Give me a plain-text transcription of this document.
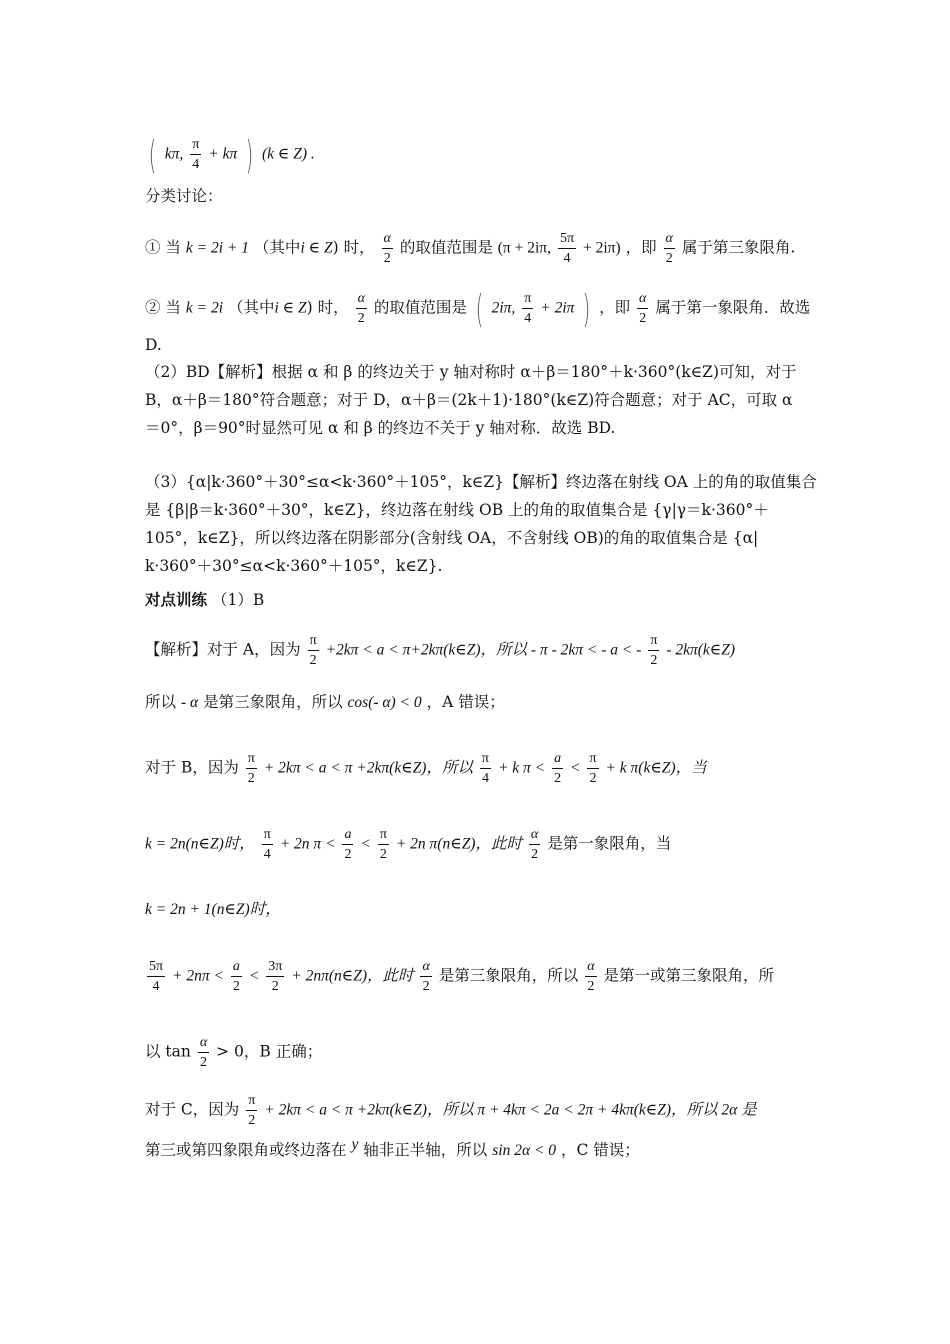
( kπ, $\frac{\pi}{4} + k\pi$ ) (k ∈ Z) .
分类讨论：
① 当 k = 2i + 1 （其中i ∈ Z) 时， $\frac{\alpha}{2}$ 的取值范围是 (π + 2iπ, $\frac{5\pi}{4} + 2i\pi$) ，即 $\frac{\alpha}{2}$ 属于第三象限角.
② 当 k = 2i （其中i ∈ Z) 时， $\frac{\alpha}{2}$ 的取值范围是 ( 2iπ, $\frac{\pi}{4} + 2i\pi$ ) ，即 $\frac{\alpha}{2}$ 属于第一象限角．故选
D.
（2）BD【解析】根据 α 和 β 的终边关于 y 轴对称时 α＋β＝180°＋k·360°(k∈Z)可知，对于
B，α＋β＝180°符合题意；对于 D，α＋β＝(2k＋1)·180°(k∈Z)符合题意；对于 AC，可取 α
＝0°，β＝90°时显然可见 α 和 β 的终边不关于 y 轴对称．故选 BD.
（3）{α|k·360°＋30°≤α<k·360°＋105°，k∈Z}【解析】终边落在射线 OA 上的角的取值集合
是 {β|β＝k·360°＋30°，k∈Z}，终边落在射线 OB 上的角的取值集合是 {γ|γ＝k·360°＋
105°，k∈Z}，所以终边落在阴影部分(含射线 OA，不含射线 OB)的角的取值集合是 {α|
k·360°＋30°≤α<k·360°＋105°，k∈Z}.
对点训练 （1）B
【解析】对于 A，因为 $\frac{\pi}{2} +2k\pi < a$ < π+2kπ(k∈Z)，所以 - π - 2kπ < - a < - $\frac{\pi}{2}$ - 2kπ(k∈Z)
所以 - α 是第三象限角，所以 cos(- α) < 0 ，A 错误；
对于 B，因为 $\frac{\pi}{2} + 2k\pi < a < \pi$ +2kπ(k∈Z)，所以 $\frac{\pi}{4} + k$ $\pi < \frac{a}{2} < \frac{\pi}{2} + k$ π(k∈Z)，当
k = 2n(n∈Z)时， $\frac{\pi}{4} + 2n$ $\pi < \frac{a}{2} < \frac{\pi}{2} + 2n$ π(n∈Z)，此时 $\frac{\alpha}{2}$ 是第一象限角，当
k = 2n + 1(n∈Z)时，
$\frac{5\pi}{4} + 2n\pi < \frac{a}{2} < \frac{3\pi}{2}$ + 2nπ(n∈Z)，此时 $\frac{\alpha}{2}$ 是第三象限角，所以 $\frac{\alpha}{2}$ 是第一或第三象限角，所
以 $\tan \frac{\alpha}{2} > 0$，B 正确；
对于 C，因为 $\frac{\pi}{2} + 2k\pi < a < \pi$ +2kπ(k∈Z)，所以 π + 4kπ < 2a < 2π + 4kπ(k∈Z)，所以 2α 是
第三或第四象限角或终边落在 y 轴非正半轴，所以 sin 2α < 0 ，C 错误；
